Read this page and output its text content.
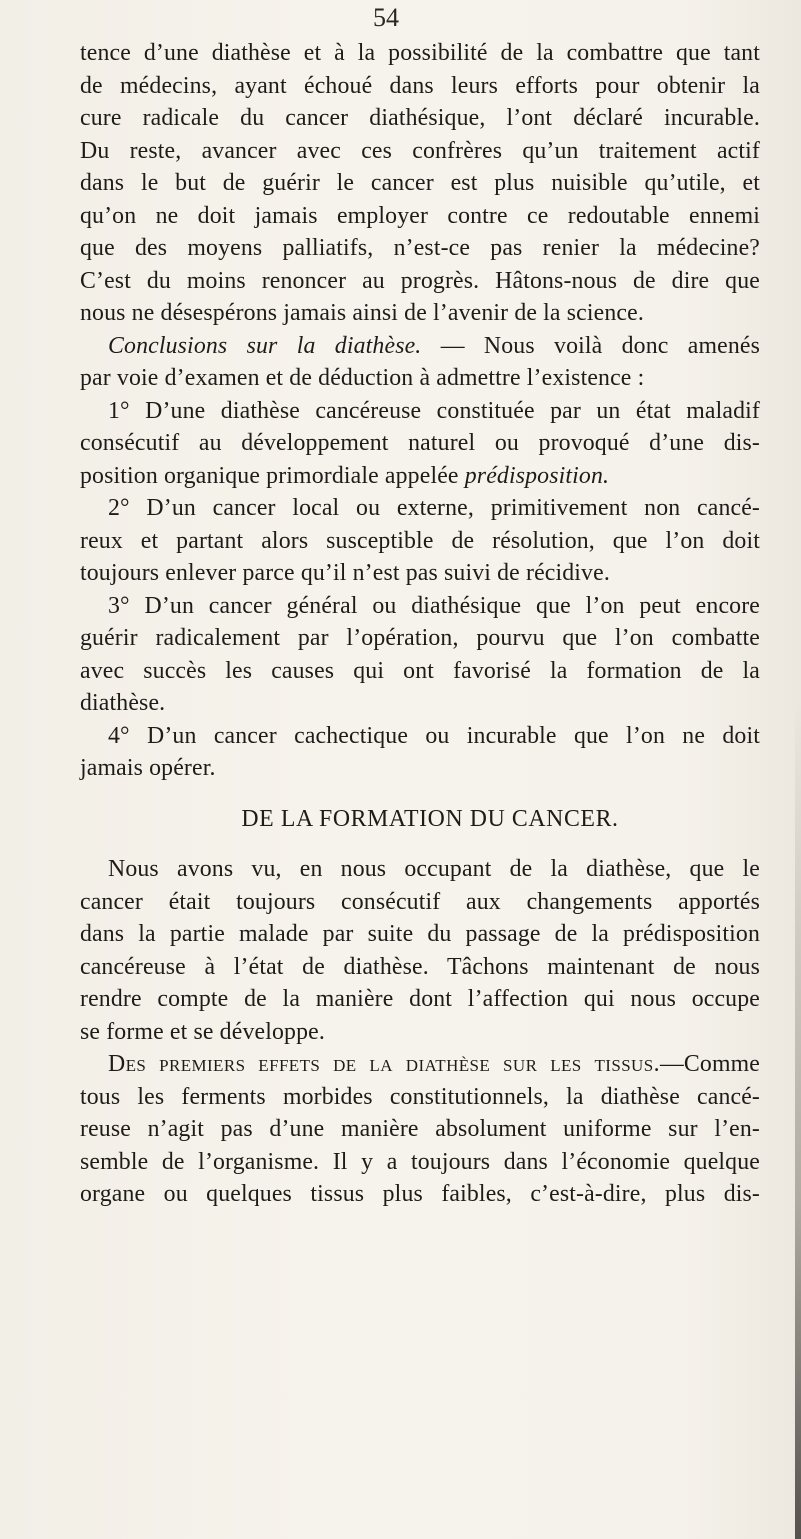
54
tence d’une diathèse et à la possibilité de la combattre que tant
de médecins, ayant échoué dans leurs efforts pour obtenir la
cure radicale du cancer diathésique, l’ont déclaré incurable.
Du reste, avancer avec ces confrères qu’un traitement actif
dans le but de guérir le cancer est plus nuisible qu’utile, et
qu’on ne doit jamais employer contre ce redoutable ennemi
que des moyens palliatifs, n’est-ce pas renier la médecine?
C’est du moins renoncer au progrès. Hâtons-nous de dire que
nous ne désespérons jamais ainsi de l’avenir de la science.
Conclusions sur la diathèse. — Nous voilà donc amenés
par voie d’examen et de déduction à admettre l’existence :
1° D’une diathèse cancéreuse constituée par un état maladif
consécutif au développement naturel ou provoqué d’une dis-
position organique primordiale appelée prédisposition.
2° D’un cancer local ou externe, primitivement non cancé-
reux et partant alors susceptible de résolution, que l’on doit
toujours enlever parce qu’il n’est pas suivi de récidive.
3° D’un cancer général ou diathésique que l’on peut encore
guérir radicalement par l’opération, pourvu que l’on combatte
avec succès les causes qui ont favorisé la formation de la
diathèse.
4° D’un cancer cachectique ou incurable que l’on ne doit
jamais opérer.
DE LA FORMATION DU CANCER.
Nous avons vu, en nous occupant de la diathèse, que le
cancer était toujours consécutif aux changements apportés
dans la partie malade par suite du passage de la prédisposition
cancéreuse à l’état de diathèse. Tâchons maintenant de nous
rendre compte de la manière dont l’affection qui nous occupe
se forme et se développe.
Des premiers effets de la diathèse sur les tissus.—Comme
tous les ferments morbides constitutionnels, la diathèse cancé-
reuse n’agit pas d’une manière absolument uniforme sur l’en-
semble de l’organisme. Il y a toujours dans l’économie quelque
organe ou quelques tissus plus faibles, c’est-à-dire, plus dis-
